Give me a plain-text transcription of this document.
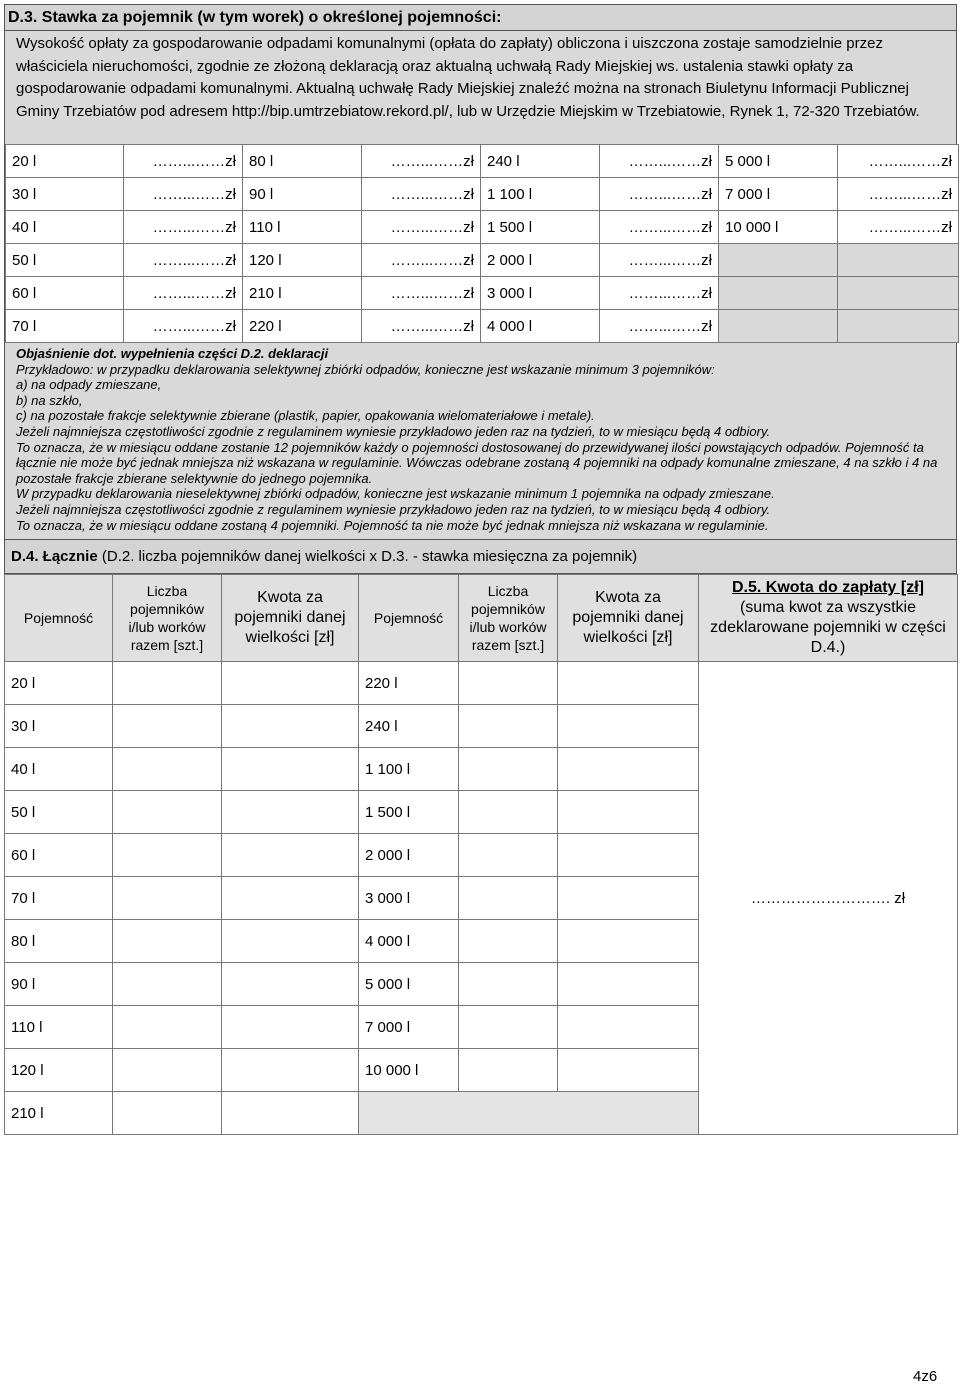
D.3. Stawka za pojemnik (w tym worek) o określonej pojemności:
Wysokość opłaty za gospodarowanie odpadami komunalnymi (opłata do zapłaty) obliczona i uiszczona zostaje samodzielnie przez właściciela nieruchomości, zgodnie ze złożoną deklaracją oraz aktualną uchwałą Rady Miejskiej ws. ustalenia stawki opłaty za gospodarowanie odpadami komunalnymi. Aktualną uchwałę Rady Miejskiej znaleźć można na stronach Biuletynu Informacji Publicznej Gminy Trzebiatów pod adresem http://bip.umtrzebiatow.rekord.pl/, lub w Urzędzie Miejskim w Trzebiatowie, Rynek 1, 72-320 Trzebiatów.
20 l	……...……zł	80 l	……...……zł	240 l	……...……zł	5 000 l	……...……zł
30 l	……...……zł	90 l	……...……zł	1 100 l	……...……zł	7 000 l	……...……zł
40 l	……...……zł	110 l	……...……zł	1 500 l	……...……zł	10 000 l	……...……zł
50 l	……...……zł	120 l	……...……zł	2 000 l	……...……zł		
60 l	……...……zł	210 l	……...……zł	3 000 l	……...……zł		
70 l	……...……zł	220 l	……...……zł	4 000 l	……...……zł		
Objaśnienie dot. wypełnienia części D.2. deklaracji
Przykładowo: w przypadku deklarowania selektywnej zbiórki odpadów, konieczne jest wskazanie minimum 3 pojemników:
a) na odpady zmieszane,
b) na szkło,
c) na pozostałe frakcje selektywnie zbierane (plastik, papier, opakowania wielomateriałowe i metale).
Jeżeli najmniejsza częstotliwości zgodnie z regulaminem wyniesie przykładowo jeden raz na tydzień, to w miesiącu będą 4 odbiory.
To oznacza, że w miesiącu oddane zostanie 12 pojemników każdy o pojemności dostosowanej do przewidywanej ilości powstających odpadów. Pojemność ta łącznie nie może być jednak mniejsza niż wskazana w regulaminie. Wówczas odebrane zostaną 4 pojemniki na odpady komunalne zmieszane, 4 na szkło i 4 na pozostałe frakcje zbierane selektywnie do jednego pojemnika.
W przypadku deklarowania nieselektywnej zbiórki odpadów, konieczne jest wskazanie minimum 1 pojemnika na odpady zmieszane.
Jeżeli najmniejsza częstotliwości zgodnie z regulaminem wyniesie przykładowo jeden raz na tydzień, to w miesiącu będą 4 odbiory.
To oznacza, że w miesiącu oddane zostaną 4 pojemniki. Pojemność ta nie może być jednak mniejsza niż wskazana w regulaminie.
D.4. Łącznie (D.2. liczba pojemników danej wielkości x D.3. - stawka miesięczna za pojemnik)
Pojemność	Liczba pojemników i/lub worków razem [szt.]	Kwota za pojemniki danej wielkości [zł]	Pojemność	Liczba pojemników i/lub worków razem [szt.]	Kwota za pojemniki danej wielkości [zł]	D.5. Kwota do zapłaty [zł]
(suma kwot za wszystkie zdeklarowane pojemniki w części D.4.)

20 l			220 l			………………………. zł
30 l			240 l			
40 l			1 100 l			
50 l			1 500 l			
60 l			2 000 l			
70 l			3 000 l			
80 l			4 000 l			
90 l			5 000 l			
110 l			7 000 l			
120 l			10 000 l			
210 l						
4z6
